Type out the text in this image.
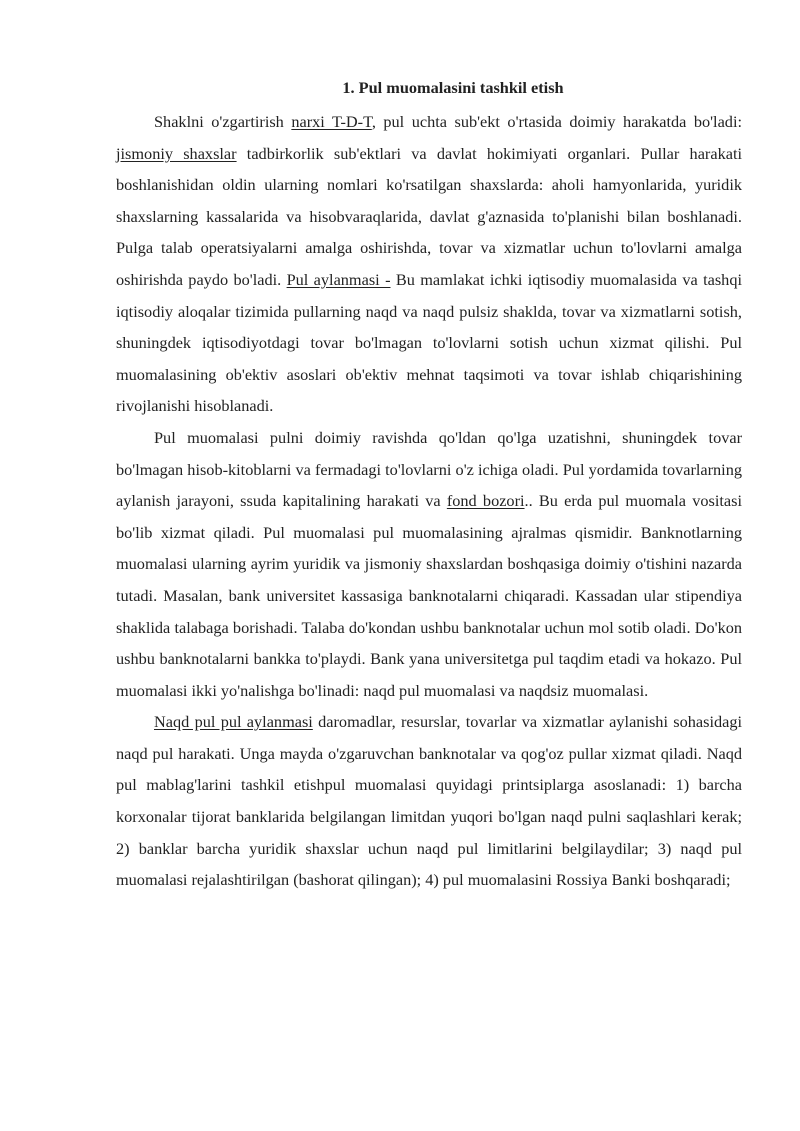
1. Pul muomalasini tashkil etish

Shaklni o'zgartirish narxi T-D-T, pul uchta sub'ekt o'rtasida doimiy harakatda bo'ladi: jismoniy shaxslar tadbirkorlik sub'ektlari va davlat hokimiyati organlari. Pullar harakati boshlanishidan oldin ularning nomlari ko'rsatilgan shaxslarda: aholi hamyonlarida, yuridik shaxslarning kassalarida va hisobvaraqlarida, davlat g'aznasida to'planishi bilan boshlanadi. Pulga talab operatsiyalarni amalga oshirishda, tovar va xizmatlar uchun to'lovlarni amalga oshirishda paydo bo'ladi. Pul aylanmasi - Bu mamlakat ichki iqtisodiy muomalasida va tashqi iqtisodiy aloqalar tizimida pullarning naqd va naqd pulsiz shaklda, tovar va xizmatlarni sotish, shuningdek iqtisodiyotdagi tovar bo'lmagan to'lovlarni sotish uchun xizmat qilishi. Pul muomalasining ob'ektiv asoslari ob'ektiv mehnat taqsimoti va tovar ishlab chiqarishining rivojlanishi hisoblanadi.

Pul muomalasi pulni doimiy ravishda qo'ldan qo'lga uzatishni, shuningdek tovar bo'lmagan hisob-kitoblarni va fermadagi to'lovlarni o'z ichiga oladi. Pul yordamida tovarlarning aylanish jarayoni, ssuda kapitalining harakati va fond bozori.. Bu erda pul muomala vositasi bo'lib xizmat qiladi. Pul muomalasi pul muomalasining ajralmas qismidir. Banknotlarning muomalasi ularning ayrim yuridik va jismoniy shaxslardan boshqasiga doimiy o'tishini nazarda tutadi. Masalan, bank universitet kassasiga banknotalarni chiqaradi. Kassadan ular stipendiya shaklida talabaga borishadi. Talaba do'kondan ushbu banknotalar uchun mol sotib oladi. Do'kon ushbu banknotalarni bankka to'playdi. Bank yana universitetga pul taqdim etadi va hokazo. Pul muomalasi ikki yo'nalishga bo'linadi: naqd pul muomalasi va naqdsiz muomalasi.

Naqd pul pul aylanmasi daromadlar, resurslar, tovarlar va xizmatlar aylanishi sohasidagi naqd pul harakati. Unga mayda o'zgaruvchan banknotalar va qog'oz pullar xizmat qiladi. Naqd pul mablag'larini tashkil etishpul muomalasi quyidagi printsiplarga asoslanadi: 1) barcha korxonalar tijorat banklarida belgilangan limitdan yuqori bo'lgan naqd pulni saqlashlari kerak; 2) banklar barcha yuridik shaxslar uchun naqd pul limitlarini belgilaydilar; 3) naqd pul muomalasi rejalashtirilgan (bashorat qilingan); 4) pul muomalasini Rossiya Banki boshqaradi;
